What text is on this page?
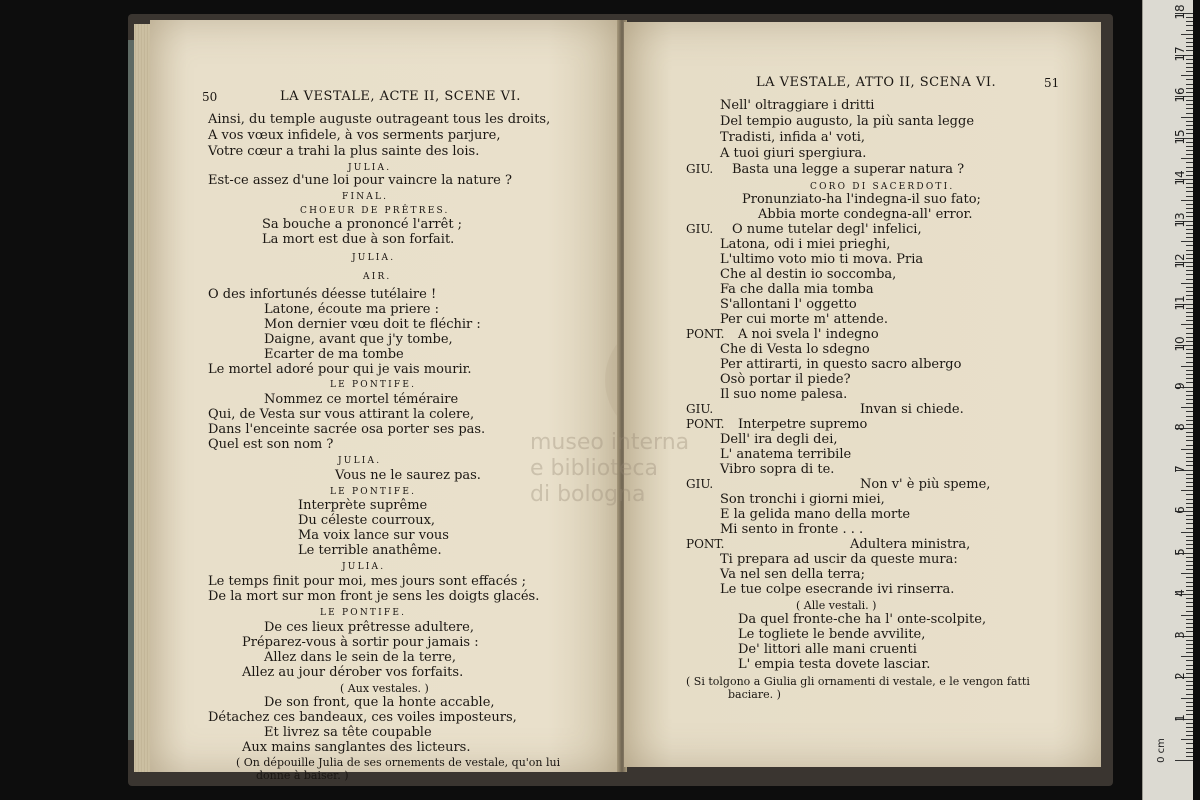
50	LA VESTALE, ACTE II, SCENE VI.
Ainsi, du temple auguste outrageant tous les droits,
A vos vœux infidele, à vos serments parjure,
Votre cœur a trahi la plus sainte des lois.
JULIA.
Est-ce assez d'une loi pour vaincre la nature ?
FINAL.
CHOEUR DE PRÊTRES.
Sa bouche a prononcé l'arrêt ;
La mort est due à son forfait.
JULIA.
AIR.
O des infortunés déesse tutélaire !
Latone, écoute ma priere :
Mon dernier vœu doit te fléchir :
Daigne, avant que j'y tombe,
Ecarter de ma tombe
Le mortel adoré pour qui je vais mourir.
LE PONTIFE.
Nommez ce mortel téméraire
Qui, de Vesta sur vous attirant la colere,
Dans l'enceinte sacrée osa porter ses pas.
Quel est son nom ?
JULIA.
Vous ne le saurez pas.
LE PONTIFE.
Interprète suprême
Du céleste courroux,
Ma voix lance sur vous
Le terrible anathême.
JULIA.
Le temps finit pour moi, mes jours sont effacés ;
De la mort sur mon front je sens les doigts glacés.
LE PONTIFE.
De ces lieux prêtresse adultere,
Préparez-vous à sortir pour jamais :
Allez dans le sein de la terre,
Allez au jour dérober vos forfaits.
( Aux vestales. )
De son front, que la honte accable,
Détachez ces bandeaux, ces voiles imposteurs,
Et livrez sa tête coupable
Aux mains sanglantes des licteurs.
( On dépouille Julia de ses ornements de vestale, qu'on lui
donne à baiser. )
museo interna
e biblioteca
di bologna
LA VESTALE, ATTO II, SCENA VI.	51
Nell' oltraggiare i dritti
Del tempio augusto, la più santa legge
Tradisti, infida a' voti,
A tuoi giuri spergiura.
GIU. Basta una legge a superar natura ?
CORO DI SACERDOTI.
Pronunziato-ha l'indegna-il suo fato;
Abbia morte condegna-all' error.
GIU. O nume tutelar degl' infelici,
Latona, odi i miei prieghi,
L'ultimo voto mio ti mova. Pria
Che al destin io soccomba,
Fa che dalla mia tomba
S'allontani l' oggetto
Per cui morte m' attende.
PONT. A noi svela l' indegno
Che di Vesta lo sdegno
Per attirarti, in questo sacro albergo
Osò portar il piede?
Il suo nome palesa.
GIU.	Invan si chiede.
PONT. Interpetre supremo
Dell' ira degli dei,
L' anatema terribile
Vibro sopra di te.
GIU.	Non v' è più speme,
Son tronchi i giorni miei,
E la gelida mano della morte
Mi sento in fronte . . .
PONT.	Adultera ministra,
Ti prepara ad uscir da queste mura:
Va nel sen della terra;
Le tue colpe esecrande ivi rinserra.
( Alle vestali. )
Da quel fronte-che ha l' onte-scolpite,
Le togliete le bende avvilite,
De' littori alle mani cruenti
L' empia testa dovete lasciar.
( Si tolgono a Giulia gli ornamenti di vestale, e le vengon fatti
baciare. )
0 cm
1
2
3
4
5
6
7
8
9
10
11
12
13
14
15
16
17
18
